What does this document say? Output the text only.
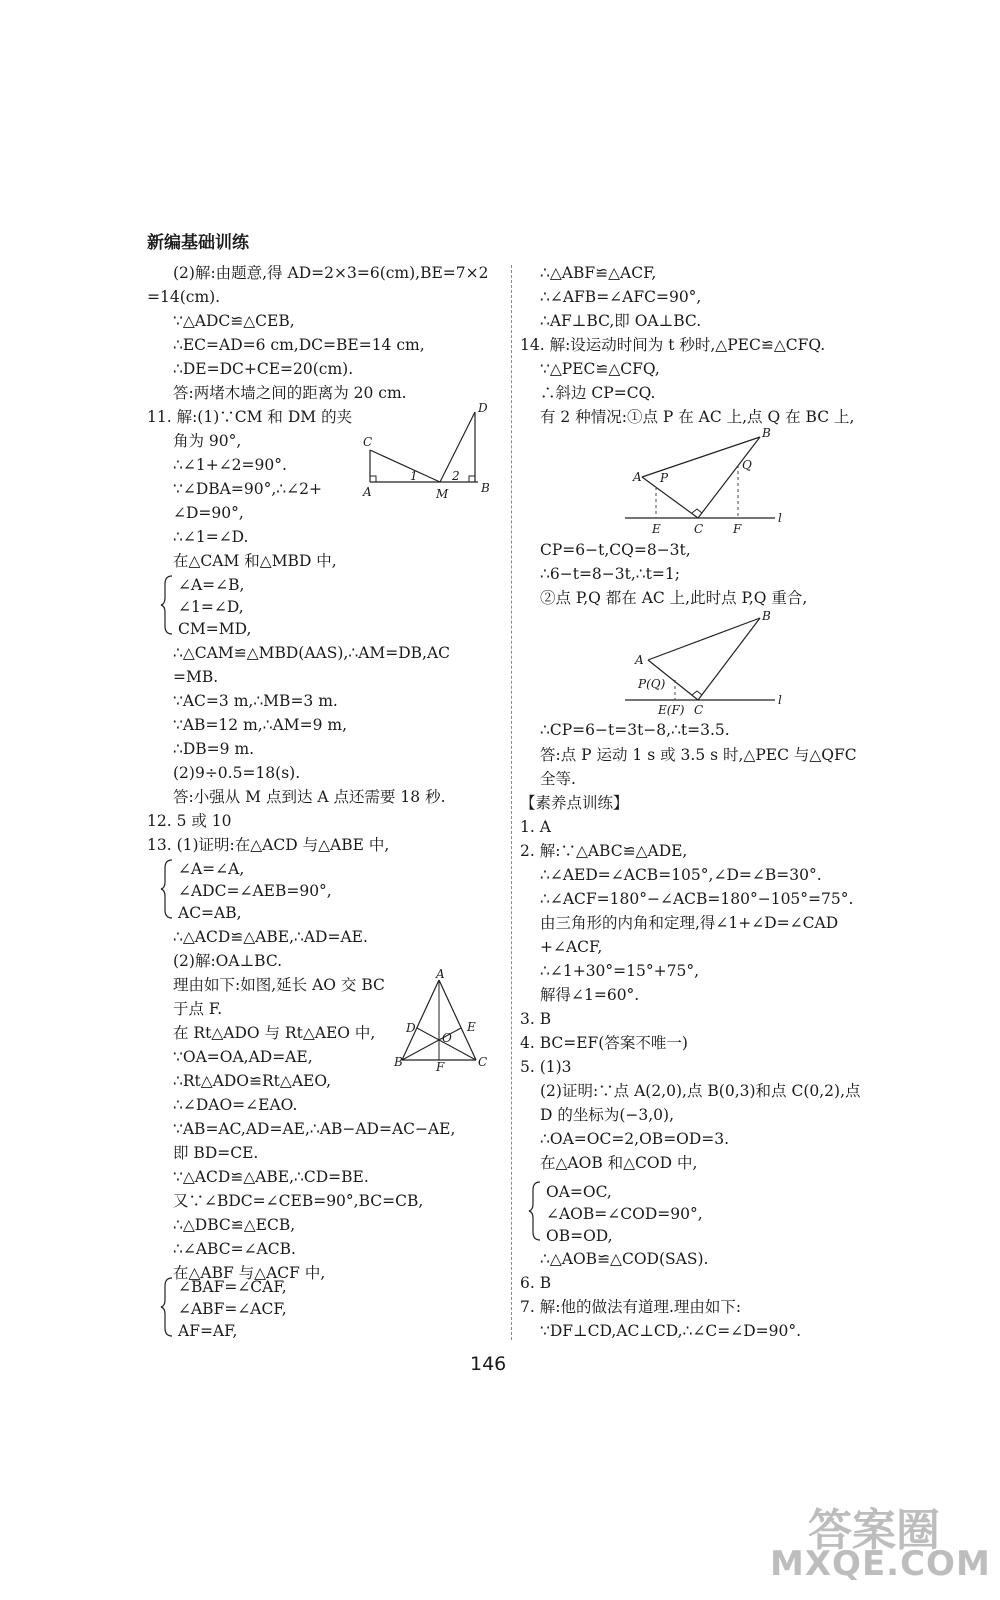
新编基础训练
(2)解:由题意,得 AD=2×3=6(cm),BE=7×2
=14(cm).
∵△ADC≌△CEB,
∴EC=AD=6 cm,DC=BE=14 cm,
∴DE=DC+CE=20(cm).
答:两堵木墙之间的距离为 20 cm.
11. 解:(1)∵CM 和 DM 的夹
角为 90°,
∴∠1+∠2=90°.
∵∠DBA=90°,∴∠2+
∠D=90°,
∴∠1=∠D.
在△CAM 和△MBD 中,
∠A=∠B,
∠1=∠D,
CM=MD,
∴△CAM≌△MBD(AAS),∴AM=DB,AC
=MB.
∵AC=3 m,∴MB=3 m.
∵AB=12 m,∴AM=9 m,
∴DB=9 m.
(2)9÷0.5=18(s).
答:小强从 M 点到达 A 点还需要 18 秒.
12. 5 或 10
13. (1)证明:在△ACD 与△ABE 中,
∠A=∠A,
∠ADC=∠AEB=90°,
AC=AB,
∴△ACD≌△ABE,∴AD=AE.
(2)解:OA⊥BC.
理由如下:如图,延长 AO 交 BC
于点 F.
在 Rt△ADO 与 Rt△AEO 中,
∵OA=OA,AD=AE,
∴Rt△ADO≌Rt△AEO,
∴∠DAO=∠EAO.
∵AB=AC,AD=AE,∴AB−AD=AC−AE,
即 BD=CE.
∵△ACD≌△ABE,∴CD=BE.
又∵∠BDC=∠CEB=90°,BC=CB,
∴△DBC≌△ECB,
∴∠ABC=∠ACB.
在△ABF 与△ACF 中,
∠BAF=∠CAF,
∠ABF=∠ACF,
AF=AF,
∴△ABF≌△ACF,
∴∠AFB=∠AFC=90°,
∴AF⊥BC,即 OA⊥BC.
14. 解:设运动时间为 t 秒时,△PEC≌△CFQ.
∵△PEC≌△CFQ,
∴斜边 CP=CQ.
有 2 种情况:①点 P 在 AC 上,点 Q 在 BC 上,
CP=6−t,CQ=8−3t,
∴6−t=8−3t,∴t=1;
②点 P,Q 都在 AC 上,此时点 P,Q 重合,
∴CP=6−t=3t−8,∴t=3.5.
答:点 P 运动 1 s 或 3.5 s 时,△PEC 与△QFC
全等.
【素养点训练】
1. A
2. 解:∵△ABC≌△ADE,
∴∠AED=∠ACB=105°,∠D=∠B=30°.
∴∠ACF=180°−∠ACB=180°−105°=75°.
由三角形的内角和定理,得∠1+∠D=∠CAD
+∠ACF,
∴∠1+30°=15°+75°,
解得∠1=60°.
3. B
4. BC=EF(答案不唯一)
5. (1)3
(2)证明:∵点 A(2,0),点 B(0,3)和点 C(0,2),点
D 的坐标为(−3,0),
∴OA=OC=2,OB=OD=3.
在△AOB 和△COD 中,
OA=OC,
∠AOB=∠COD=90°,
OB=OD,
∴△AOB≌△COD(SAS).
6. B
7. 解:他的做法有道理.理由如下:
∵DF⊥CD,AC⊥CD,∴∠C=∠D=90°.
C
A
1
M
2
D
B
A
D
O
E
B	F	C
B
A P
Q
E	C F
l
B
A
P(Q)
E(F) C
l
146
答案圈
MXQE.COM
